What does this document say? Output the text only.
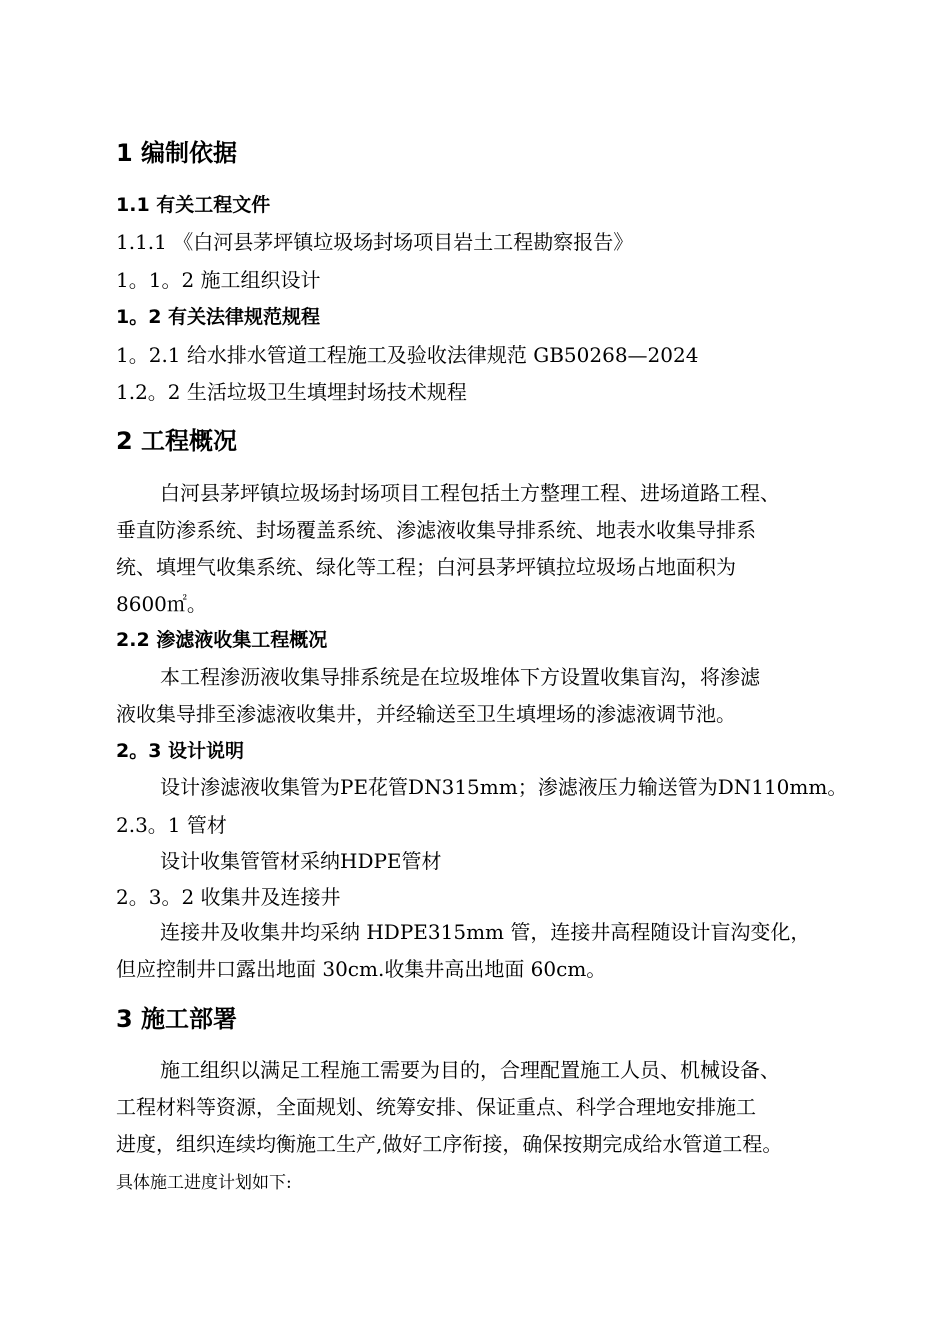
1 编制依据
1.1 有关工程文件
1.1.1 《白河县茅坪镇垃圾场封场项目岩土工程勘察报告》
1。1。2 施工组织设计
1。2 有关法律规范规程
1。2.1 给水排水管道工程施工及验收法律规范 GB50268—2024
1.2。2 生活垃圾卫生填埋封场技术规程
2 工程概况
白河县茅坪镇垃圾场封场项目工程包括土方整理工程、进场道路工程、
垂直防渗系统、封场覆盖系统、渗滤液收集导排系统、地表水收集导排系
统、填埋气收集系统、绿化等工程；白河县茅坪镇拉垃圾场占地面积为
8600㎡。
2.2 渗滤液收集工程概况
本工程渗沥液收集导排系统是在垃圾堆体下方设置收集盲沟，将渗滤
液收集导排至渗滤液收集井，并经输送至卫生填埋场的渗滤液调节池。
2。3 设计说明
设计渗滤液收集管为PE花管DN315mm；渗滤液压力输送管为DN110mm。
2.3。1 管材
设计收集管管材采纳HDPE管材
2。3。2 收集井及连接井
连接井及收集井均采纳 HDPE315mm 管，连接井高程随设计盲沟变化，
但应控制井口露出地面 30cm.收集井高出地面 60cm。
3 施工部署
施工组织以满足工程施工需要为目的，合理配置施工人员、机械设备、
工程材料等资源，全面规划、统筹安排、保证重点、科学合理地安排施工
进度，组织连续均衡施工生产,做好工序衔接，确保按期完成给水管道工程。
具体施工进度计划如下:
